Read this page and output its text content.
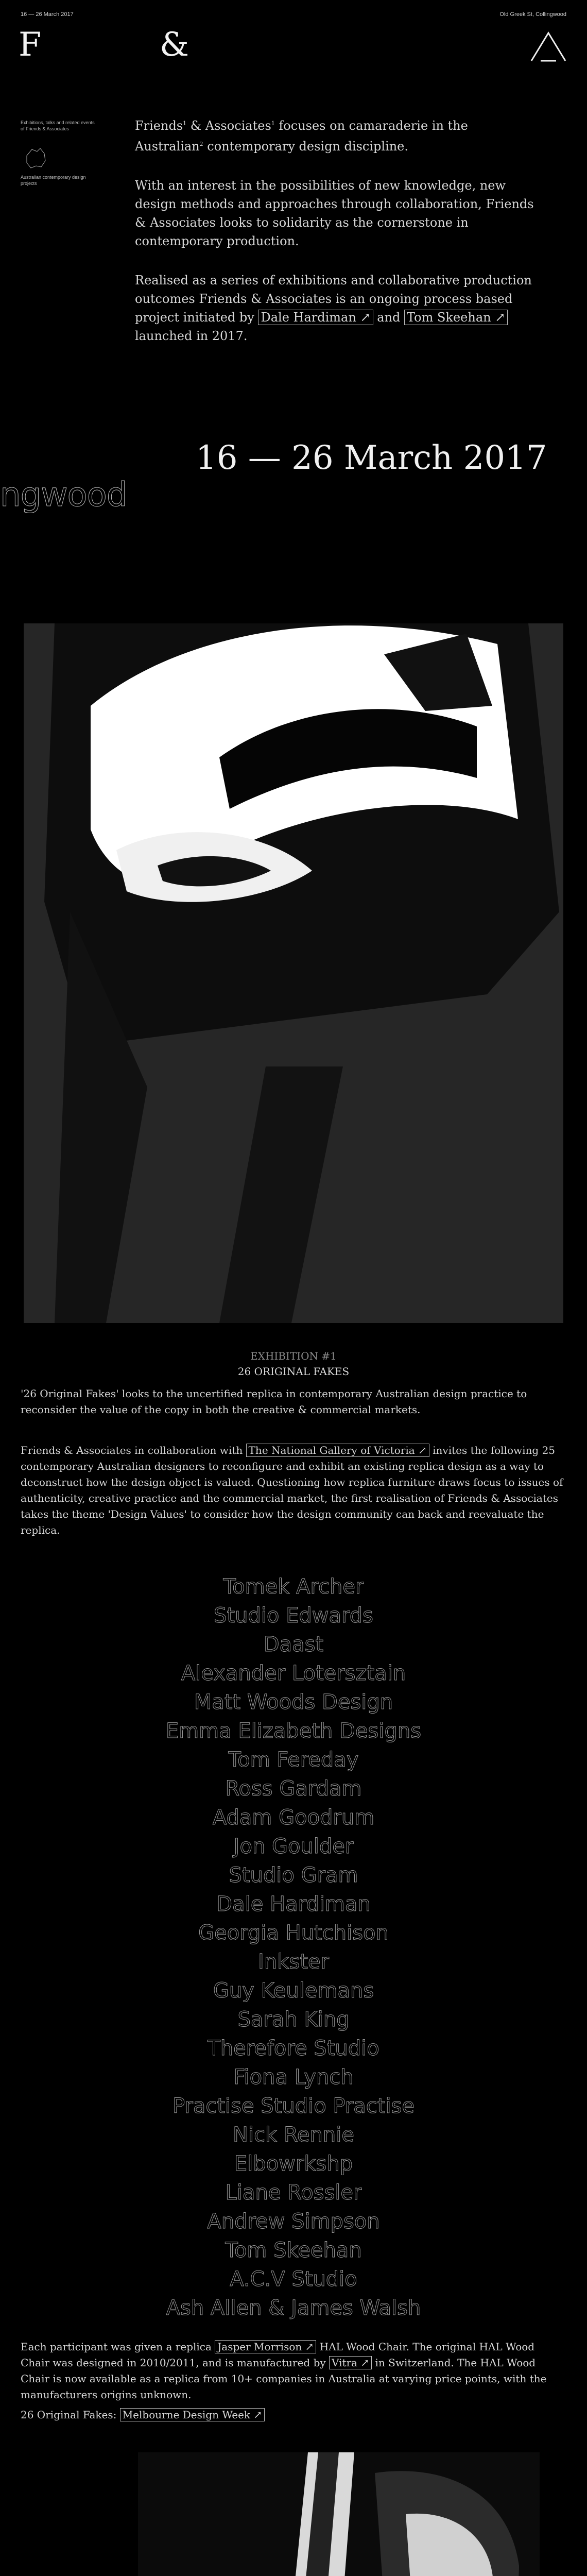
16 — 26 March 2017	Old Greek St, Collingwood
F	&
Exhibitions, talks and related events of Friends & Associates
Australian contemporary design projects

Friends$^1$ & Associates$^1$ focuses on camaraderie in the Australian$^2$ contemporary design discipline.

With an interest in the possibilities of new knowledge, new design methods and approaches through collaboration, Friends & Associates looks to solidarity as the cornerstone in contemporary production.

Realised as a series of exhibitions and collaborative production outcomes Friends & Associates is an ongoing process based project initiated by Dale Hardiman ↗ and Tom Skeehan ↗ launched in 2017.

ngwood
16 — 26 March 2017
EXHIBITION #1
26 ORIGINAL FAKES
'26 Original Fakes' looks to the uncertified replica in contemporary Australian design practice to reconsider the value of the copy in both the creative & commercial markets.
Friends & Associates in collaboration with The National Gallery of Victoria ↗ invites the following 25 contemporary Australian designers to reconfigure and exhibit an existing replica design as a way to deconstruct how the design object is valued. Questioning how replica furniture draws focus to issues of authenticity, creative practice and the commercial market, the first realisation of Friends & Associates takes the theme 'Design Values' to consider how the design community can back and reevaluate the replica.
Tomek Archer
Studio Edwards
Daast
Alexander Lotersztain
Matt Woods Design
Emma Elizabeth Designs
Tom Fereday
Ross Gardam
Adam Goodrum
Jon Goulder
Studio Gram
Dale Hardiman
Georgia Hutchison
Inkster
Guy Keulemans
Sarah King
Therefore Studio
Fiona Lynch
Practise Studio Practise
Nick Rennie
Elbowrkshp
Liane Rossler
Andrew Simpson
Tom Skeehan
A.C.V Studio
Ash Allen & James Walsh
Each participant was given a replica Jasper Morrison ↗ HAL Wood Chair. The original HAL Wood Chair was designed in 2010/2011, and is manufactured by Vitra ↗ in Switzerland. The HAL Wood Chair is now available as a replica from 10+ companies in Australia at varying price points, with the manufacturers origins unknown.
26 Original Fakes: Melbourne Design Week ↗
